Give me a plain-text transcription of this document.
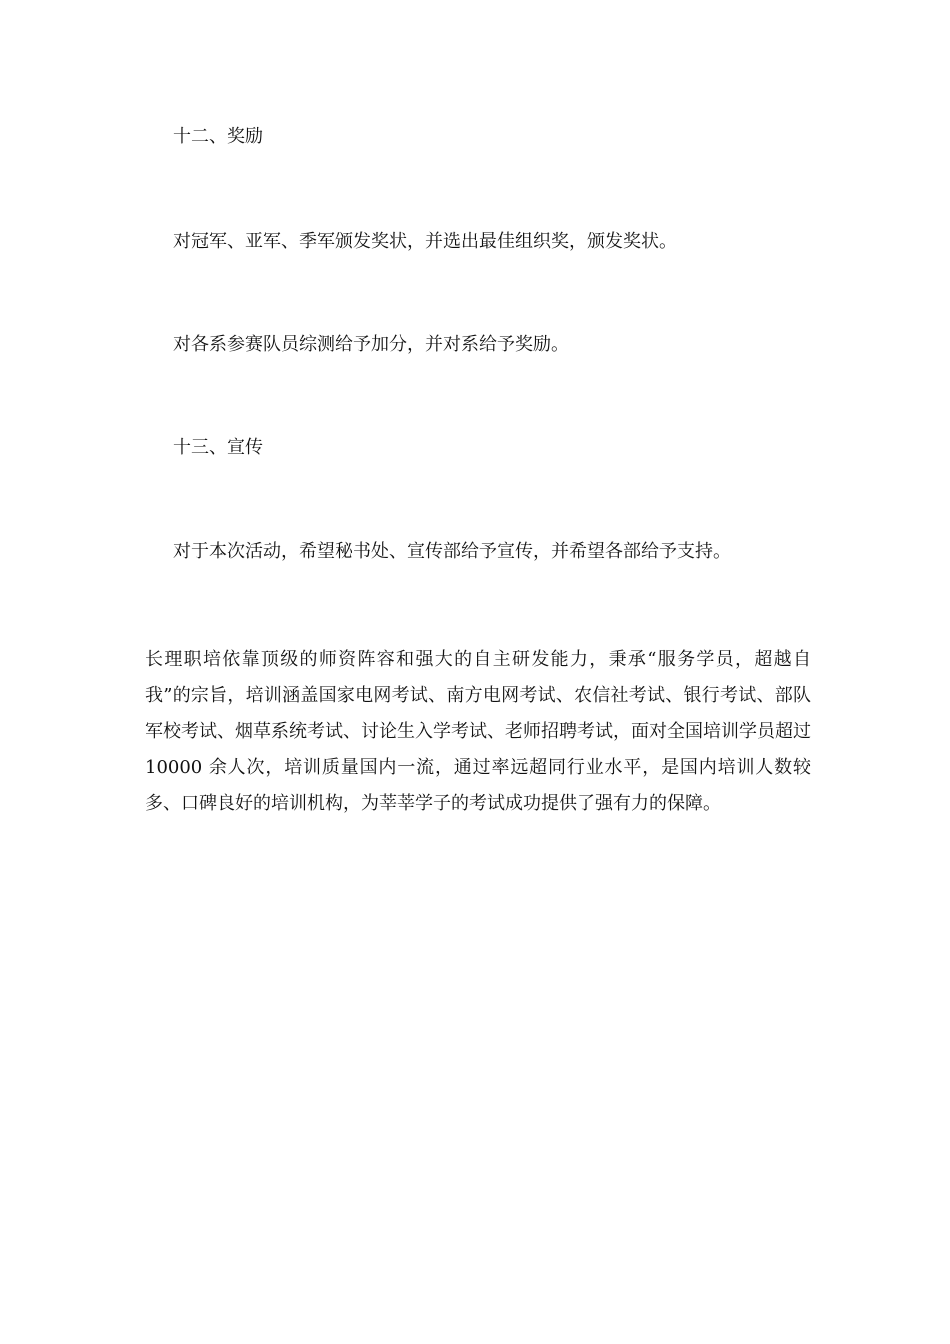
十二、奖励

对冠军、亚军、季军颁发奖状，并选出最佳组织奖，颁发奖状。

对各系参赛队员综测给予加分，并对系给予奖励。

十三、宣传

对于本次活动，希望秘书处、宣传部给予宣传，并希望各部给予支持。

长理职培依靠顶级的师资阵容和强大的自主研发能力，秉承“服务学员，超越自我”的宗旨，培训涵盖国家电网考试、南方电网考试、农信社考试、银行考试、部队军校考试、烟草系统考试、讨论生入学考试、老师招聘考试，面对全国培训学员超过 10000 余人次，培训质量国内一流，通过率远超同行业水平，是国内培训人数较多、口碑良好的培训机构，为莘莘学子的考试成功提供了强有力的保障。
